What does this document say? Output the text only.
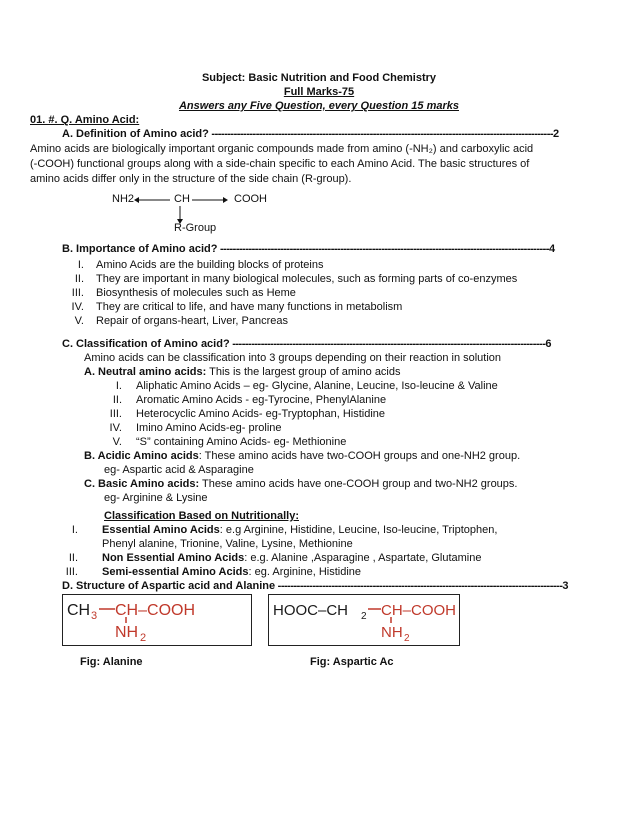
Subject: Basic Nutrition and Food Chemistry
Full Marks-75
Answers any Five Question, every Question 15 marks
01. #. Q. Amino Acid:
A. Definition of Amino acid? ------------------------------------------------------------------------------------------------------------2
Amino acids are biologically important organic compounds made from amino (-NH₂) and carboxylic acid
(-COOH) functional groups along with a side-chain specific to each Amino Acid. The basic structures of
amino acids differ only in the structure of the side chain (R-group).
NH2	CH	COOH
R-Group
B. Importance of Amino acid? --------------------------------------------------------------------------------------------------------4
I. Amino Acids are the building blocks of proteins
II. They are important in many biological molecules, such as forming parts of co-enzymes
III. Biosynthesis of molecules such as Heme
IV. They are critical to life, and have many functions in metabolism
V. Repair of organs-heart, Liver, Pancreas
C. Classification of Amino acid? ---------------------------------------------------------------------------------------------------6
Amino acids can be classification into 3 groups depending on their reaction in solution
A. Neutral amino acids: This is the largest group of amino acids
I. Aliphatic Amino Acids – eg- Glycine, Alanine, Leucine, Iso-leucine & Valine
II. Aromatic Amino Acids - eg-Tyrocine, PhenylAlanine
III. Heterocyclic Amino Acids- eg-Tryptophan, Histidine
IV. Imino Amino Acids-eg- proline
V. “S” containing Amino Acids- eg- Methionine
B. Acidic Amino acids: These amino acids have two-COOH groups and one-NH2 group.
eg- Aspartic acid & Asparagine
C. Basic Amino acids: These amino acids have one-COOH group and two-NH2 groups.
eg- Arginine & Lysine
Classification Based on Nutritionally:
I. Essential Amino Acids: e.g Arginine, Histidine, Leucine, Iso-leucine, Triptophen,
Phenyl alanine, Trionine, Valine, Lysine, Methionine
II. Non Essential Amino Acids: e.g. Alanine ,Asparagine , Aspartate, Glutamine
III. Semi-essential Amino Acids: eg. Arginine, Histidine
D. Structure of Aspartic acid and Alanine ------------------------------------------------------------------------------------------3
CH 3 CH–COOH
NH 2
HOOC–CH 2 CH–COOH
NH 2
Fig: Alanine	Fig: Aspartic Ac
